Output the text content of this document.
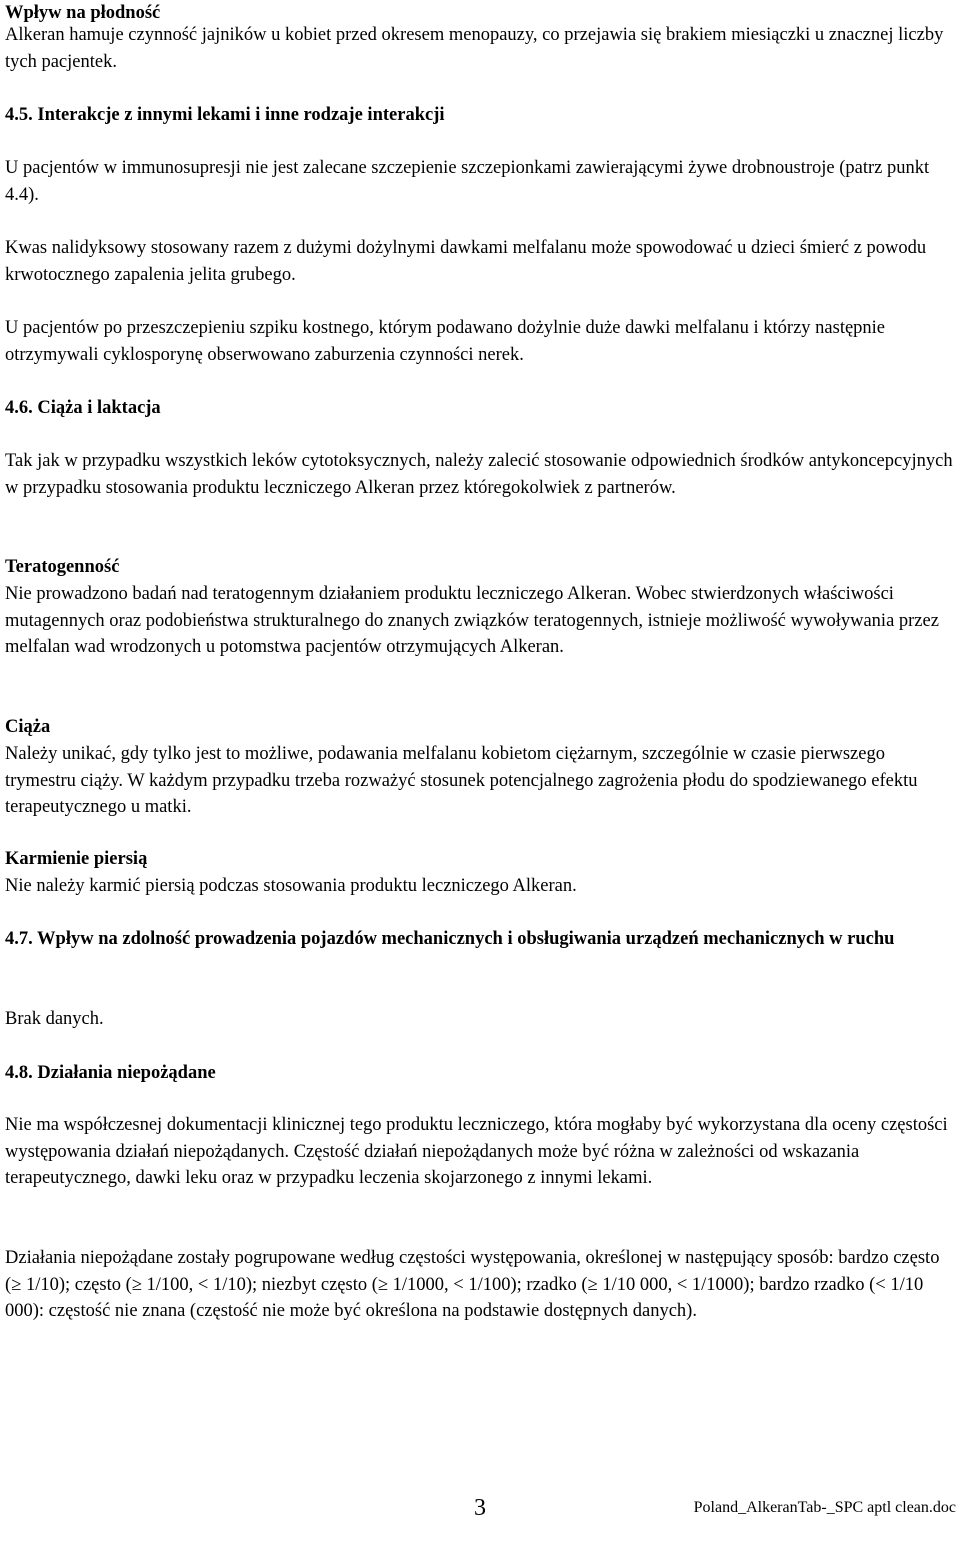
Wpływ na płodność

Alkeran hamuje czynność jajników u kobiet przed okresem menopauzy, co przejawia się brakiem miesiączki u znacznej liczby tych pacjentek.

4.5. Interakcje z innymi lekami i inne rodzaje interakcji

U pacjentów w immunosupresji nie jest zalecane szczepienie szczepionkami zawierającymi żywe drobnoustroje (patrz punkt 4.4).

Kwas nalidyksowy stosowany razem z dużymi dożylnymi dawkami melfalanu może spowodować u dzieci śmierć z powodu krwotocznego zapalenia jelita grubego.

U pacjentów po przeszczepieniu szpiku kostnego, którym podawano dożylnie duże dawki melfalanu i którzy następnie otrzymywali cyklosporynę obserwowano zaburzenia czynności nerek.

4.6. Ciąża i laktacja

Tak jak w przypadku wszystkich leków cytotoksycznych, należy zalecić stosowanie odpowiednich środków antykoncepcyjnych w przypadku stosowania produktu leczniczego Alkeran przez któregokolwiek z partnerów.

Teratogenność

Nie prowadzono badań nad teratogennym działaniem produktu leczniczego Alkeran. Wobec stwierdzonych właściwości mutagennych oraz podobieństwa strukturalnego do znanych związków teratogennych, istnieje możliwość wywoływania przez melfalan wad wrodzonych u potomstwa pacjentów otrzymujących Alkeran.

Ciąża

Należy unikać, gdy tylko jest to możliwe, podawania melfalanu kobietom ciężarnym, szczególnie w czasie pierwszego trymestru ciąży. W każdym przypadku trzeba rozważyć stosunek potencjalnego zagrożenia płodu do spodziewanego efektu terapeutycznego u matki.

Karmienie piersią

Nie należy karmić piersią podczas stosowania produktu leczniczego Alkeran.

4.7. Wpływ na zdolność prowadzenia pojazdów mechanicznych i obsługiwania urządzeń mechanicznych w ruchu

Brak danych.

4.8. Działania niepożądane

Nie ma współczesnej dokumentacji klinicznej tego produktu leczniczego, która mogłaby być wykorzystana dla oceny częstości występowania działań niepożądanych. Częstość działań niepożądanych może być różna w zależności od wskazania terapeutycznego, dawki leku oraz w przypadku leczenia skojarzonego z innymi lekami.

Działania niepożądane zostały pogrupowane według częstości występowania, określonej w następujący sposób: bardzo często (≥ 1/10); często (≥ 1/100, < 1/10); niezbyt często (≥ 1/1000, < 1/100); rzadko (≥ 1/10 000, < 1/1000); bardzo rzadko (< 1/10 000): częstość nie znana (częstość nie może być określona na podstawie dostępnych danych).

3	Poland_AlkeranTab-_SPC aptl clean.doc
